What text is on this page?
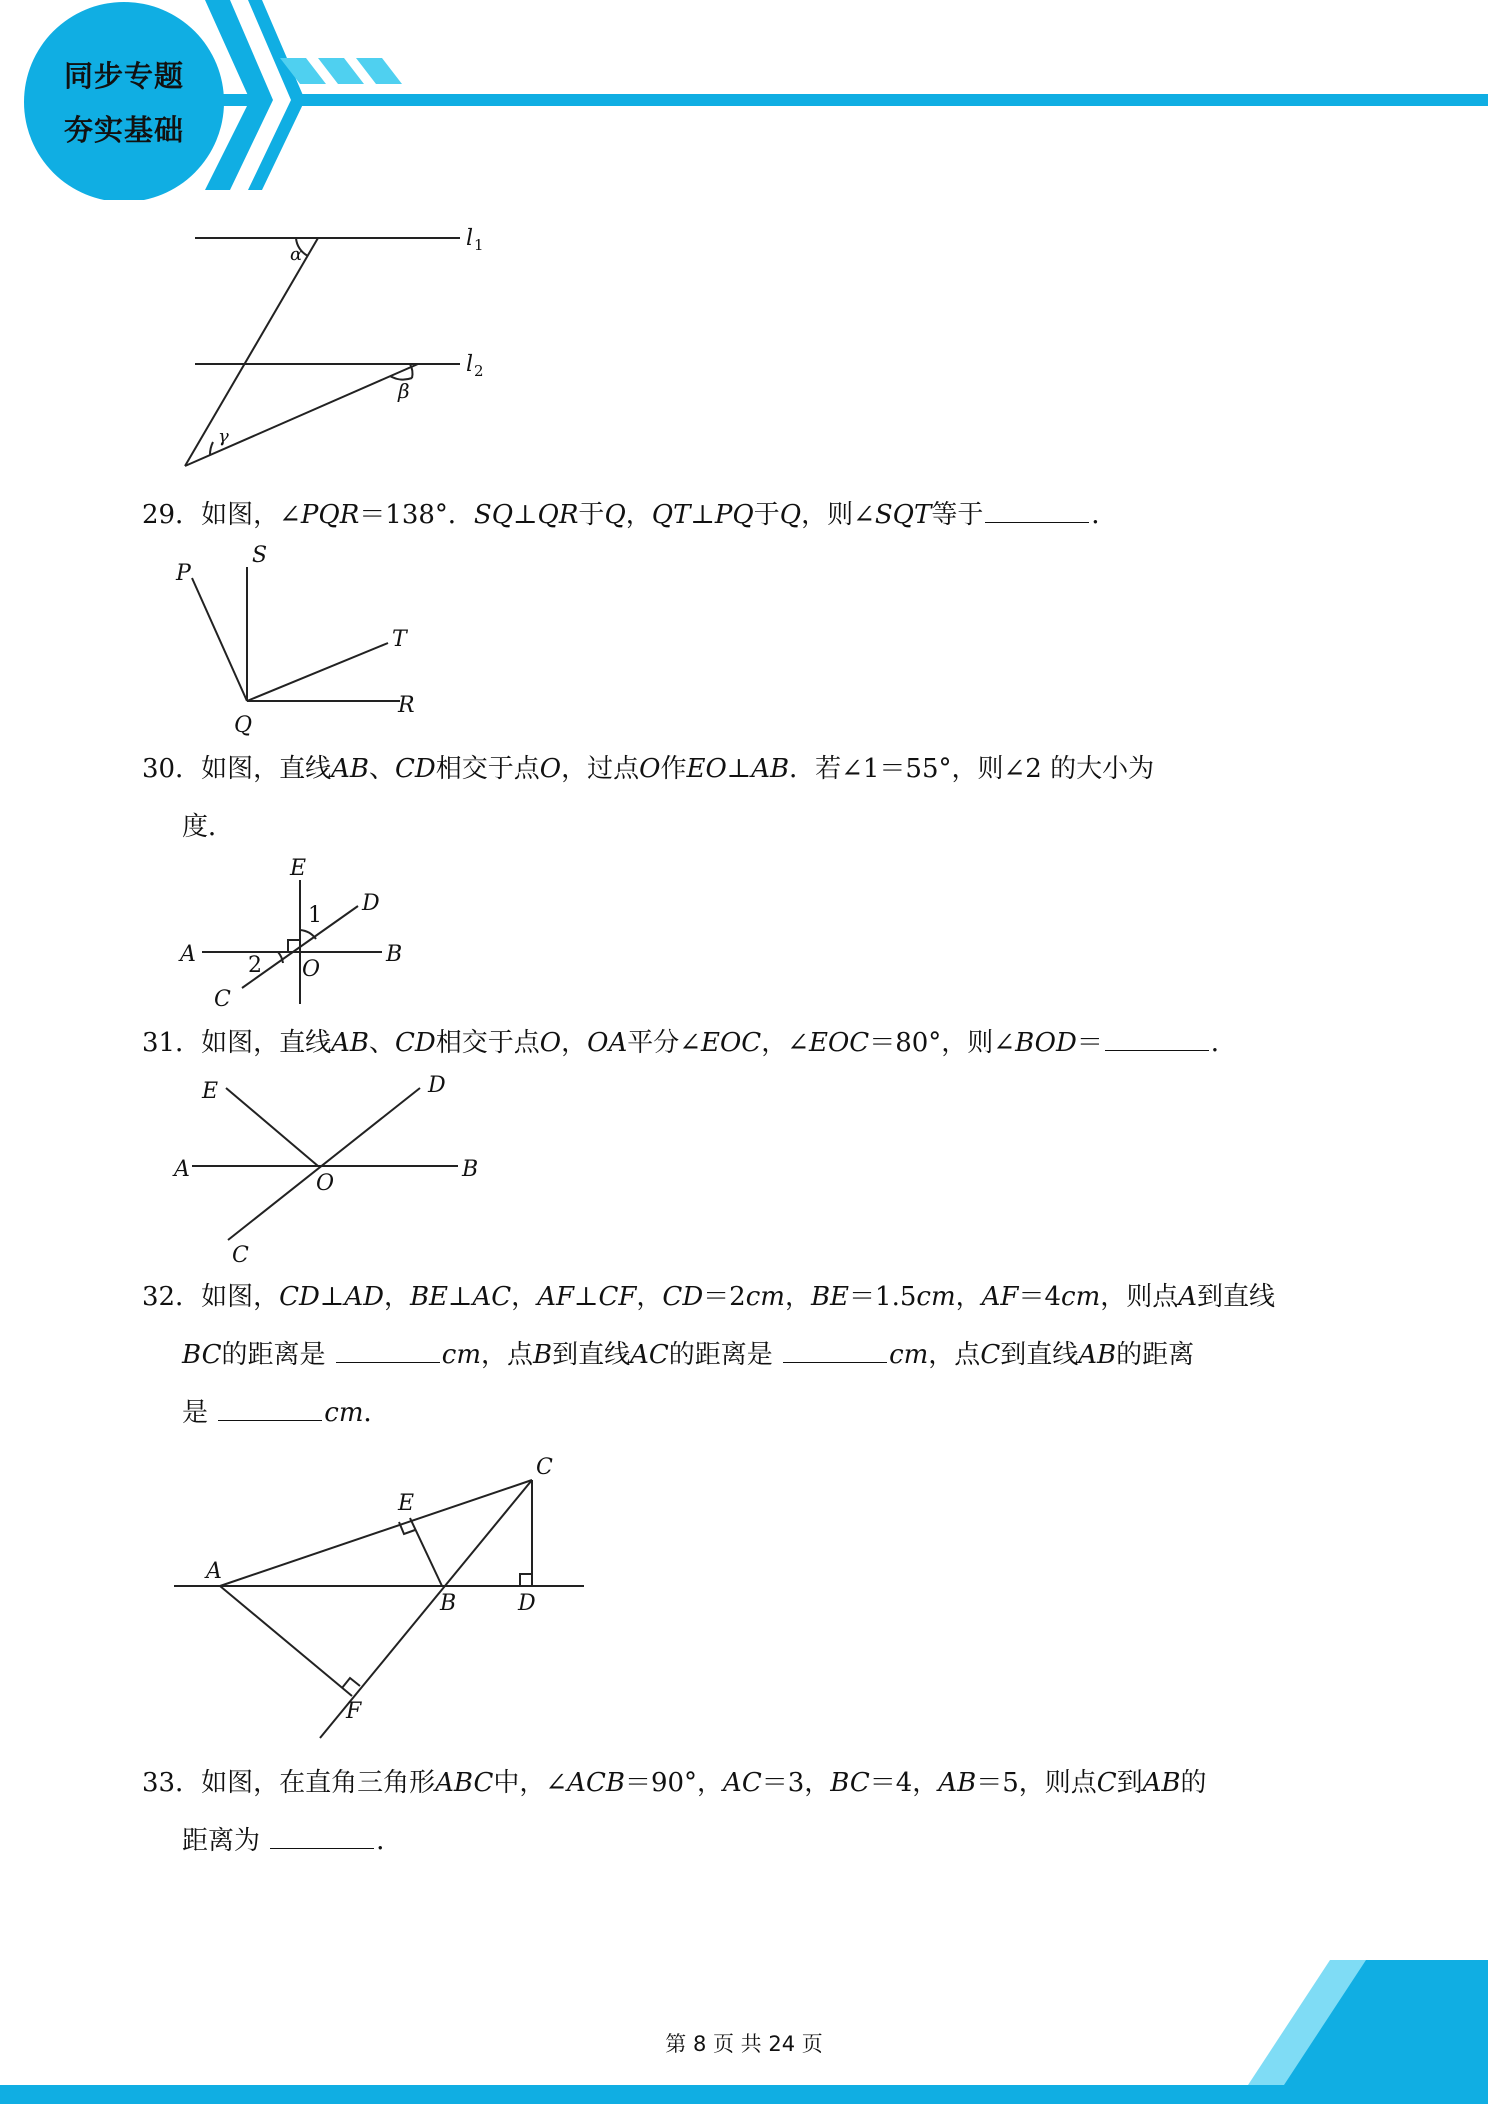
同步专题
夯实基础
l 1
l 2
α
β
γ
29．如图，∠PQR＝138°．SQ⊥QR于Q，QT⊥PQ于Q，则∠SQT等于	．
P
S
T
R
Q
30．如图，直线AB、CD相交于点O，过点O作EO⊥AB．若∠1＝55°，则∠2 的大小为
度．
E
D
A	B
C
O
1
2
31．如图，直线AB、CD相交于点O，OA平分∠EOC，∠EOC＝80°，则∠BOD＝	．
E	D
A	B
O
C
32．如图，CD⊥AD，BE⊥AC，AF⊥CF，CD＝2cm，BE＝1.5cm，AF＝4cm，则点A到直线
BC的距离是	cm，点B到直线AC的距离是	cm，点C到直线AB的距离
是	cm．
C
E
A
B	D
F
33．如图，在直角三角形ABC中，∠ACB＝90°，AC＝3，BC＝4，AB＝5，则点C到AB的
距离为	．
第 8 页 共 24 页
